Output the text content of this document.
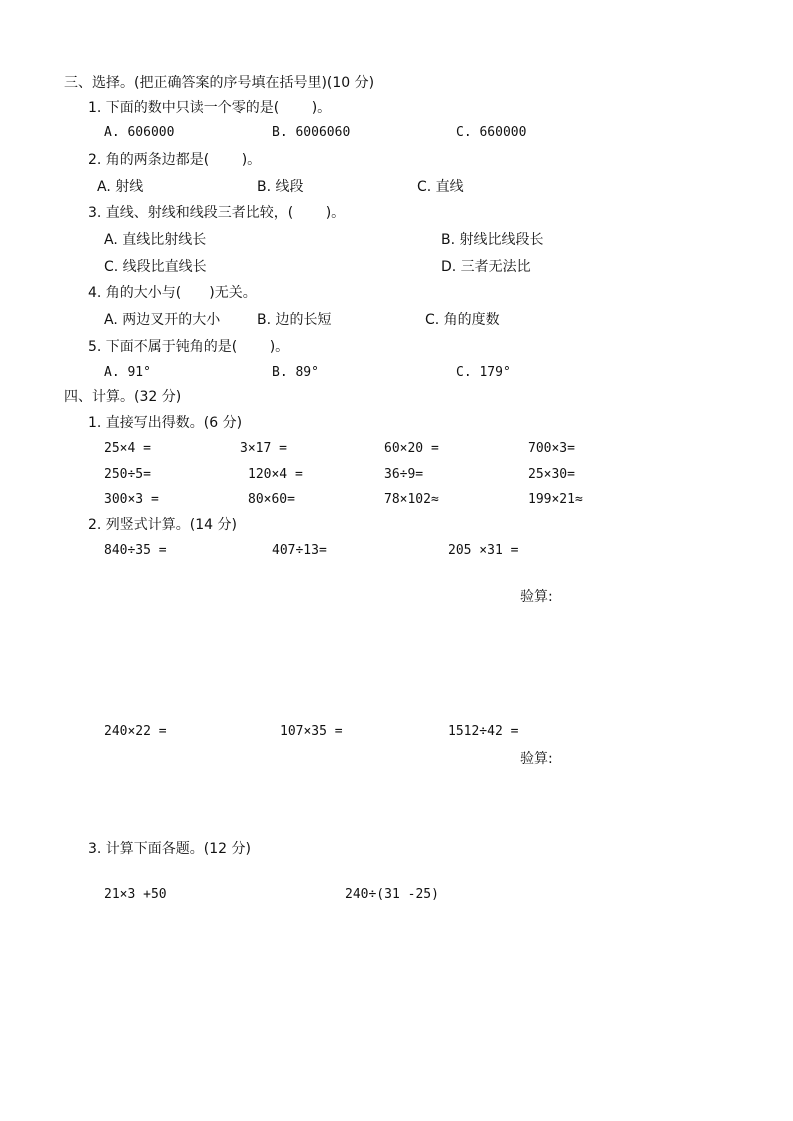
三、选择。(把正确答案的序号填在括号里)(10 分)
1. 下面的数中只读一个零的是(　　 )。
A. 606000	B. 6006060	C. 660000
2. 角的两条边都是(　　 )。
A. 射线	B. 线段	C. 直线
3. 直线、射线和线段三者比较，(　　 )。
A. 直线比射线长	B. 射线比线段长
C. 线段比直线长	D. 三者无法比
4. 角的大小与(　　)无关。
A. 两边叉开的大小	B. 边的长短	C. 角的度数
5. 下面不属于钝角的是(　　 )。
A. 91°	B. 89°	C. 179°
四、计算。(32 分)
1. 直接写出得数。(6 分)
25×4 =	3×17 =	60×20 =	700×3=
250÷5=	120×4 =	36÷9=	25×30=
300×3 =	80×60=	78×102≈	199×21≈
2. 列竖式计算。(14 分)
840÷35 =	407÷13=	205 ×31 =
验算:
240×22 =	107×35 =	1512÷42 =
验算:
3. 计算下面各题。(12 分)
21×3 +50	240÷(31 -25)
